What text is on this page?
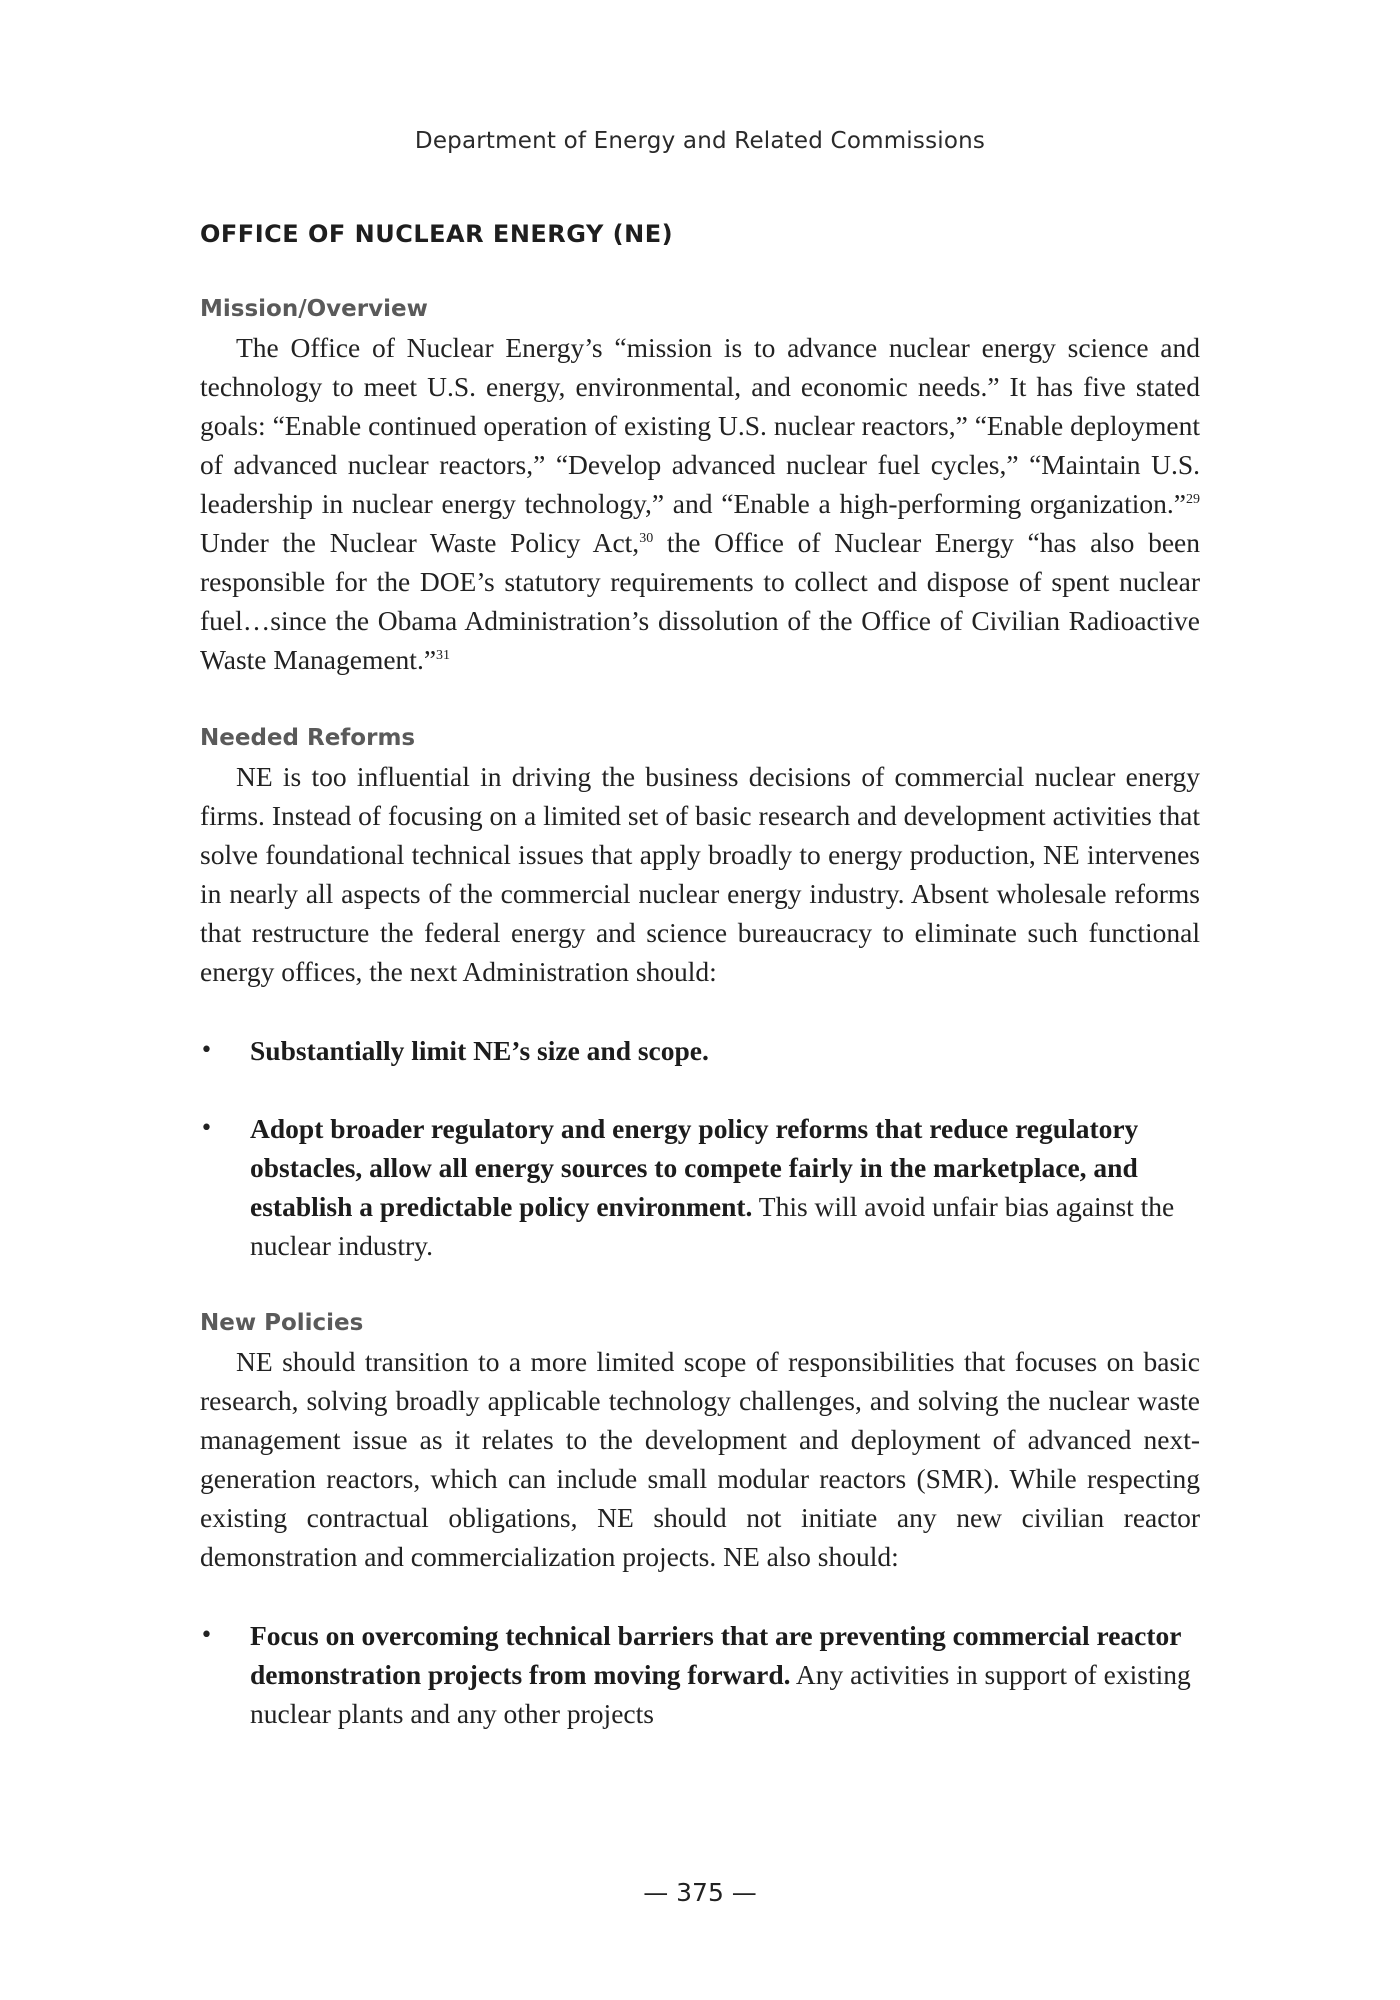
Department of Energy and Related Commissions
OFFICE OF NUCLEAR ENERGY (NE)
Mission/Overview

The Office of Nuclear Energy’s “mission is to advance nuclear energy science and technology to meet U.S. energy, environmental, and economic needs.” It has five stated goals: “Enable continued operation of existing U.S. nuclear reactors,” “Enable deployment of advanced nuclear reactors,” “Develop advanced nuclear fuel cycles,” “Maintain U.S. leadership in nuclear energy technology,” and “Enable a high-performing organization.”$^{29}$ Under the Nuclear Waste Policy Act,$^{30}$ the Office of Nuclear Energy “has also been responsible for the DOE’s statutory requirements to collect and dispose of spent nuclear fuel…since the Obama Administration’s dissolution of the Office of Civilian Radioactive Waste Management.”$^{31}$

Needed Reforms

NE is too influential in driving the business decisions of commercial nuclear energy firms. Instead of focusing on a limited set of basic research and development activities that solve foundational technical issues that apply broadly to energy production, NE intervenes in nearly all aspects of the commercial nuclear energy industry. Absent wholesale reforms that restructure the federal energy and science bureaucracy to eliminate such functional energy offices, the next Administration should:

• Substantially limit NE’s size and scope.
• Adopt broader regulatory and energy policy reforms that reduce regulatory obstacles, allow all energy sources to compete fairly in the marketplace, and establish a predictable policy environment. This will avoid unfair bias against the nuclear industry.
New Policies

NE should transition to a more limited scope of responsibilities that focuses on basic research, solving broadly applicable technology challenges, and solving the nuclear waste management issue as it relates to the development and deployment of advanced next-generation reactors, which can include small modular reactors (SMR). While respecting existing contractual obligations, NE should not initiate any new civilian reactor demonstration and commercialization projects. NE also should:

• Focus on overcoming technical barriers that are preventing commercial reactor demonstration projects from moving forward. Any activities in support of existing nuclear plants and any other projects
— 375 —
